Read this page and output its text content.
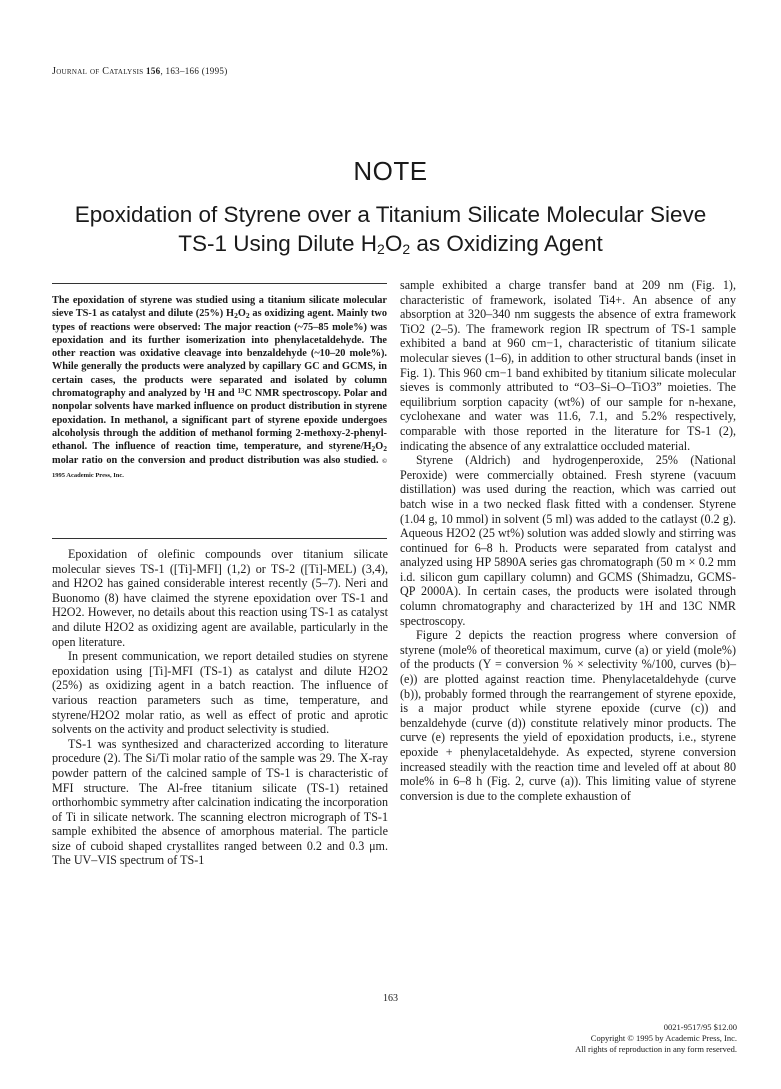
Journal of Catalysis 156, 163–166 (1995)
NOTE
Epoxidation of Styrene over a Titanium Silicate Molecular Sieve
TS-1 Using Dilute $H_2O_2$ as Oxidizing Agent
The epoxidation of styrene was studied using a titanium silicate molecular sieve TS-1 as catalyst and dilute (25%) $H_2O_2$ as oxidizing agent. Mainly two types of reactions were observed: The major reaction (~75–85 mole%) was epoxidation and its further isomerization into phenylacetaldehyde. The other reaction was oxidative cleavage into benzaldehyde (~10–20 mole%). While generally the products were analyzed by capillary GC and GCMS, in certain cases, the products were separated and isolated by column chromatography and analyzed by $^1$H and $^{13}$C NMR spectroscopy. Polar and nonpolar solvents have marked influence on product distribution in styrene epoxidation. In methanol, a significant part of styrene epoxide undergoes alcoholysis through the addition of methanol forming 2-methoxy-2-phenyl-ethanol. The influence of reaction time, temperature, and styrene/$H_2O_2$ molar ratio on the conversion and product distribution was also studied. © 1995 Academic Press, Inc.

Epoxidation of olefinic compounds over titanium silicate molecular sieves TS-1 ([Ti]-MFI] (1,2) or TS-2 ([Ti]-MEL) (3,4), and H2O2 has gained considerable interest recently (5–7). Neri and Buonomo (8) have claimed the styrene epoxidation over TS-1 and H2O2. However, no details about this reaction using TS-1 as catalyst and dilute H2O2 as oxidizing agent are available, particularly in the open literature.

In present communication, we report detailed studies on styrene epoxidation using [Ti]-MFI (TS-1) as catalyst and dilute H2O2 (25%) as oxidizing agent in a batch reaction. The influence of various reaction parameters such as time, temperature, and styrene/H2O2 molar ratio, as well as effect of protic and aprotic solvents on the activity and product selectivity is studied.

TS-1 was synthesized and characterized according to literature procedure (2). The Si/Ti molar ratio of the sample was 29. The X-ray powder pattern of the calcined sample of TS-1 is characteristic of MFI structure. The Al-free titanium silicate (TS-1) retained orthorhombic symmetry after calcination indicating the incorporation of Ti in silicate network. The scanning electron micrograph of TS-1 sample exhibited the absence of amorphous material. The particle size of cuboid shaped crystallites ranged between 0.2 and 0.3 μm. The UV–VIS spectrum of TS-1

sample exhibited a charge transfer band at 209 nm (Fig. 1), characteristic of framework, isolated Ti4+. An absence of any absorption at 320–340 nm suggests the absence of extra framework TiO2 (2–5). The framework region IR spectrum of TS-1 sample exhibited a band at 960 cm−1, characteristic of titanium silicate molecular sieves (1–6), in addition to other structural bands (inset in Fig. 1). This 960 cm−1 band exhibited by titanium silicate molecular sieves is commonly attributed to “O3–Si–O–TiO3” moieties. The equilibrium sorption capacity (wt%) of our sample for n-hexane, cyclohexane and water was 11.6, 7.1, and 5.2% respectively, comparable with those reported in the literature for TS-1 (2), indicating the absence of any extralattice occluded material.

Styrene (Aldrich) and hydrogenperoxide, 25% (National Peroxide) were commercially obtained. Fresh styrene (vacuum distillation) was used during the reaction, which was carried out batch wise in a two necked flask fitted with a condenser. Styrene (1.04 g, 10 mmol) in solvent (5 ml) was added to the catlayst (0.2 g). Aqueous H2O2 (25 wt%) solution was added slowly and stirring was continued for 6–8 h. Products were separated from catalyst and analyzed using HP 5890A series gas chromatograph (50 m × 0.2 mm i.d. silicon gum capillary column) and GCMS (Shimadzu, GCMS-QP 2000A). In certain cases, the products were isolated through column chromatography and characterized by 1H and 13C NMR spectroscopy.

Figure 2 depicts the reaction progress where conversion of styrene (mole% of theoretical maximum, curve (a) or yield (mole%) of the products (Y = conversion % × selectivity %/100, curves (b)–(e)) are plotted against reaction time. Phenylacetaldehyde (curve (b)), probably formed through the rearrangement of styrene epoxide, is a major product while styrene epoxide (curve (c)) and benzaldehyde (curve (d)) constitute relatively minor products. The curve (e) represents the yield of epoxidation products, i.e., styrene epoxide + phenylacetaldehyde. As expected, styrene conversion increased steadily with the reaction time and leveled off at about 80 mole% in 6–8 h (Fig. 2, curve (a)). This limiting value of styrene conversion is due to the complete exhaustion of

163
0021-9517/95 $12.00
Copyright © 1995 by Academic Press, Inc.
All rights of reproduction in any form reserved.
